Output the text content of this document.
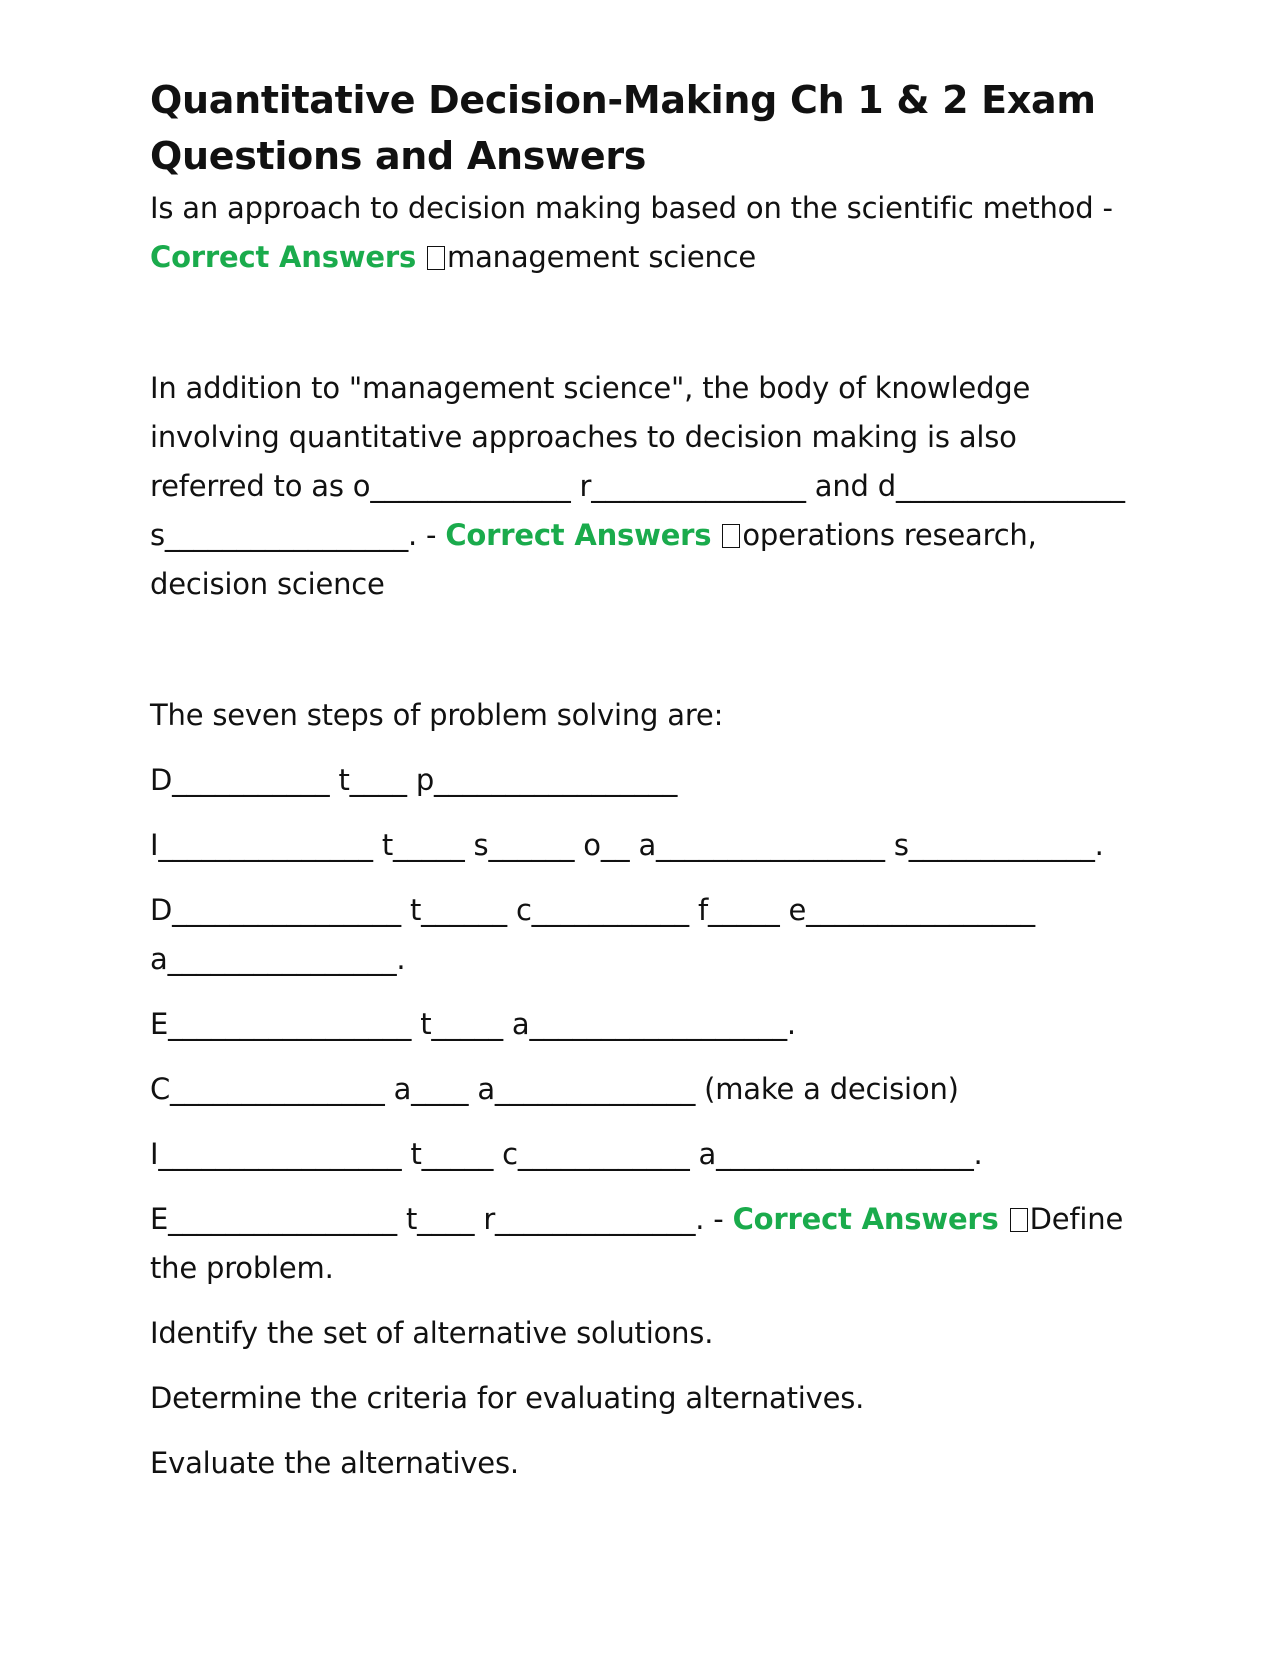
Quantitative Decision-Making Ch 1 & 2 Exam Questions and Answers

Is an approach to decision making based on the scientific method - Correct Answers management science

In addition to "management science", the body of knowledge involving quantitative approaches to decision making is also referred to as o______________ r_______________ and d________________ s_________________. - Correct Answers operations research, decision science

The seven steps of problem solving are:

D___________ t____ p_________________

I_______________ t_____ s______ o__ a________________ s_____________.

D________________ t______ c___________ f_____ e________________ a________________.

E_________________ t_____ a__________________.

C_______________ a____ a______________ (make a decision)

I_________________ t_____ c____________ a__________________.

E________________ t____ r______________. - Correct Answers Define the problem.

Identify the set of alternative solutions.

Determine the criteria for evaluating alternatives.

Evaluate the alternatives.
